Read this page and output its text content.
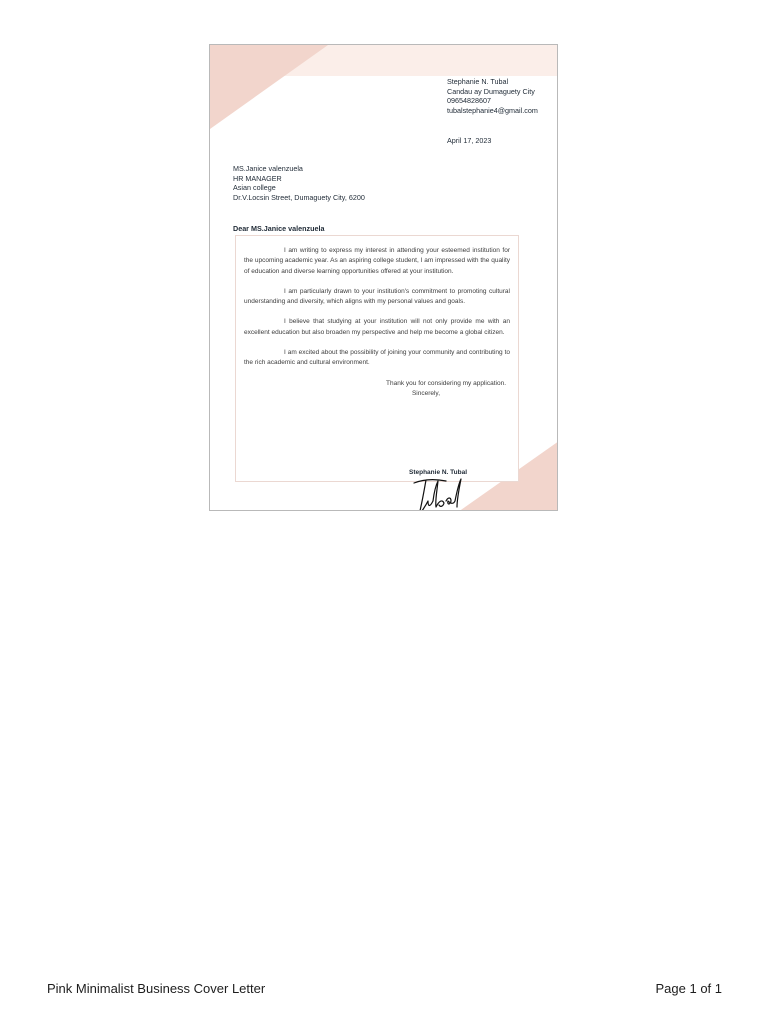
Stephanie N. Tubal
Candau ay Dumaguety City
09654828607
tubalstephanie4@gmail.com
April 17, 2023
MS.Janice valenzuela
HR MANAGER
Asian college
Dr.V.Locsin Street, Dumaguety City, 6200
Dear MS.Janice valenzuela

I am writing to express my interest in attending your esteemed institution for the upcoming academic year. As an aspiring college student, I am impressed with the quality of education and diverse learning opportunities offered at your institution.

I am particularly drawn to your institution's commitment to promoting cultural understanding and diversity, which aligns with my personal values and goals.

I believe that studying at your institution will not only provide me with an excellent education but also broaden my perspective and help me become a global citizen.

I am excited about the possibility of joining your community and contributing to the rich academic and cultural environment.

Thank you for considering my application.
Sincerely,
Stephanie N. Tubal
Pink Minimalist Business Cover Letter	Page 1 of 1
